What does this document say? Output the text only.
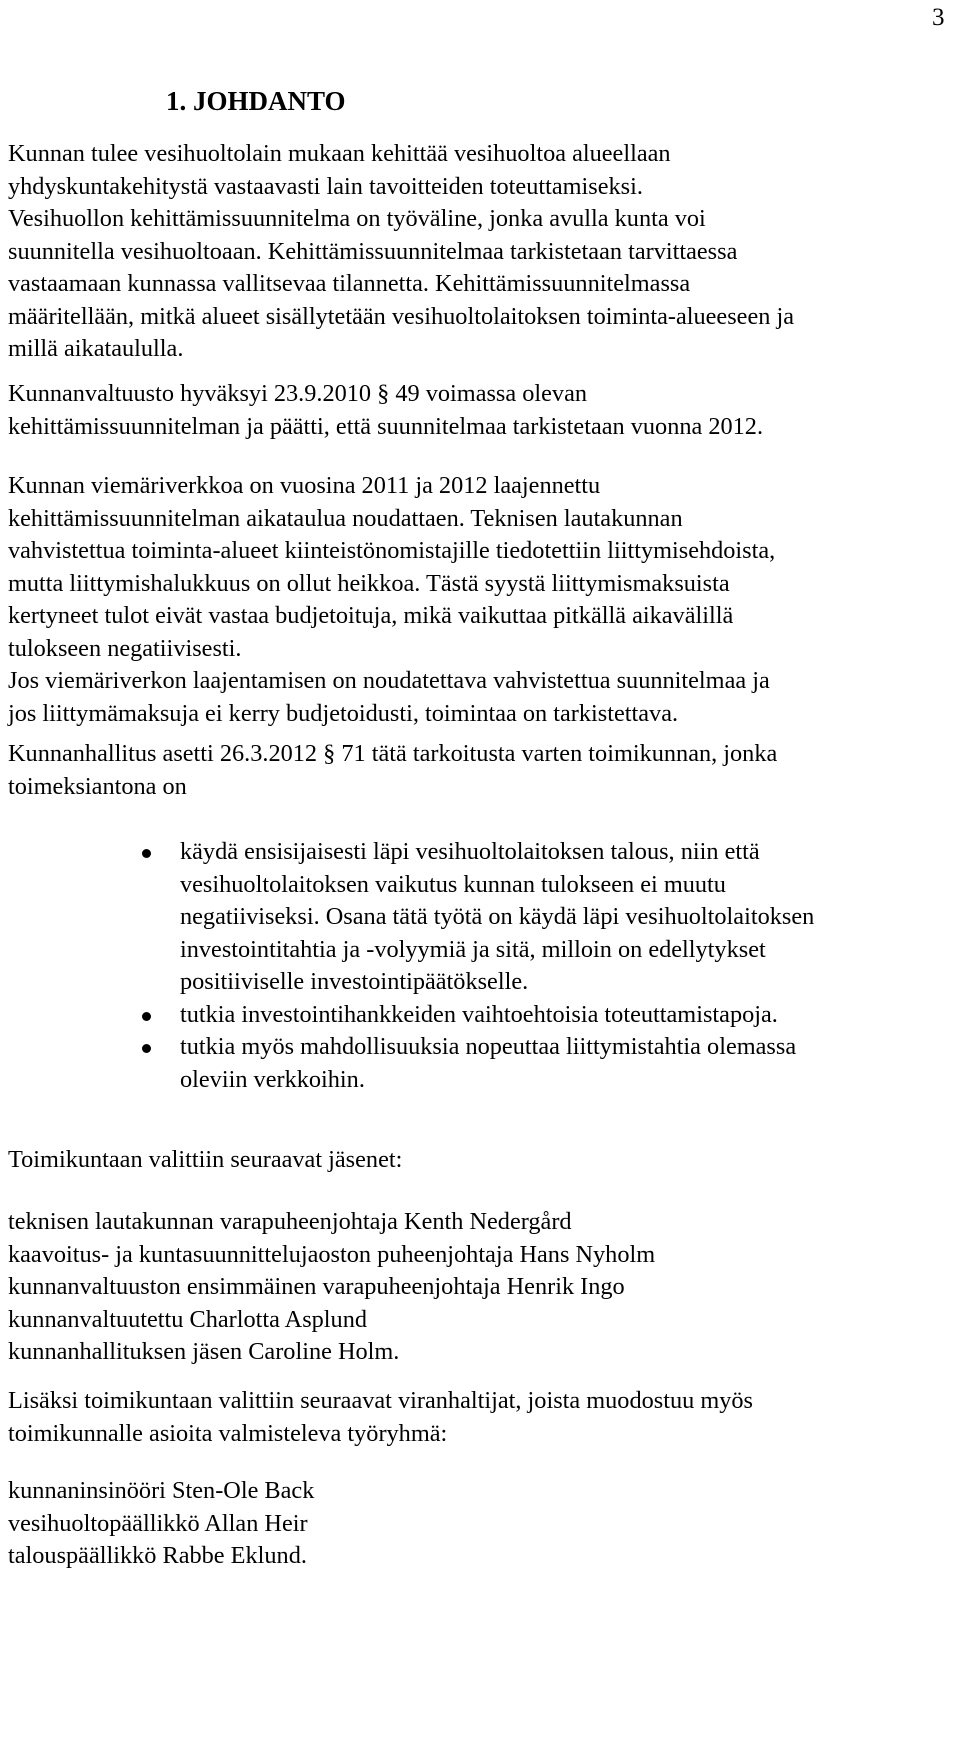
3
1. JOHDANTO
Kunnan tulee vesihuoltolain mukaan kehittää vesihuoltoa alueellaan
yhdyskuntakehitystä vastaavasti lain tavoitteiden toteuttamiseksi.
Vesihuollon kehittämissuunnitelma on työväline, jonka avulla kunta voi
suunnitella vesihuoltoaan. Kehittämissuunnitelmaa tarkistetaan tarvittaessa
vastaamaan kunnassa vallitsevaa tilannetta. Kehittämissuunnitelmassa
määritellään, mitkä alueet sisällytetään vesihuoltolaitoksen toiminta-alueeseen ja
millä aikataululla.
Kunnanvaltuusto hyväksyi 23.9.2010 § 49 voimassa olevan
kehittämissuunnitelman ja päätti, että suunnitelmaa tarkistetaan vuonna 2012.
Kunnan viemäriverkkoa on vuosina 2011 ja 2012 laajennettu
kehittämissuunnitelman aikataulua noudattaen. Teknisen lautakunnan
vahvistettua toiminta-alueet kiinteistönomistajille tiedotettiin liittymisehdoista,
mutta liittymishalukkuus on ollut heikkoa. Tästä syystä liittymismaksuista
kertyneet tulot eivät vastaa budjetoituja, mikä vaikuttaa pitkällä aikavälillä
tulokseen negatiivisesti.
Jos viemäriverkon laajentamisen on noudatettava vahvistettua suunnitelmaa ja
jos liittymämaksuja ei kerry budjetoidusti, toimintaa on tarkistettava.
Kunnanhallitus asetti 26.3.2012 § 71 tätä tarkoitusta varten toimikunnan, jonka
toimeksiantona on
käydä ensisijaisesti läpi vesihuoltolaitoksen talous, niin että
vesihuoltolaitoksen vaikutus kunnan tulokseen ei muutu
negatiiviseksi. Osana tätä työtä on käydä läpi vesihuoltolaitoksen
investointitahtia ja -volyymiä ja sitä, milloin on edellytykset
positiiviselle investointipäätökselle.
tutkia investointihankkeiden vaihtoehtoisia toteuttamistapoja.
tutkia myös mahdollisuuksia nopeuttaa liittymistahtia olemassa
oleviin verkkoihin.
Toimikuntaan valittiin seuraavat jäsenet:
teknisen lautakunnan varapuheenjohtaja Kenth Nedergård
kaavoitus- ja kuntasuunnittelujaoston puheenjohtaja Hans Nyholm
kunnanvaltuuston ensimmäinen varapuheenjohtaja Henrik Ingo
kunnanvaltuutettu Charlotta Asplund
kunnanhallituksen jäsen Caroline Holm.
Lisäksi toimikuntaan valittiin seuraavat viranhaltijat, joista muodostuu myös
toimikunnalle asioita valmisteleva työryhmä:
kunnaninsinööri Sten-Ole Back
vesihuoltopäällikkö Allan Heir
talouspäällikkö Rabbe Eklund.
